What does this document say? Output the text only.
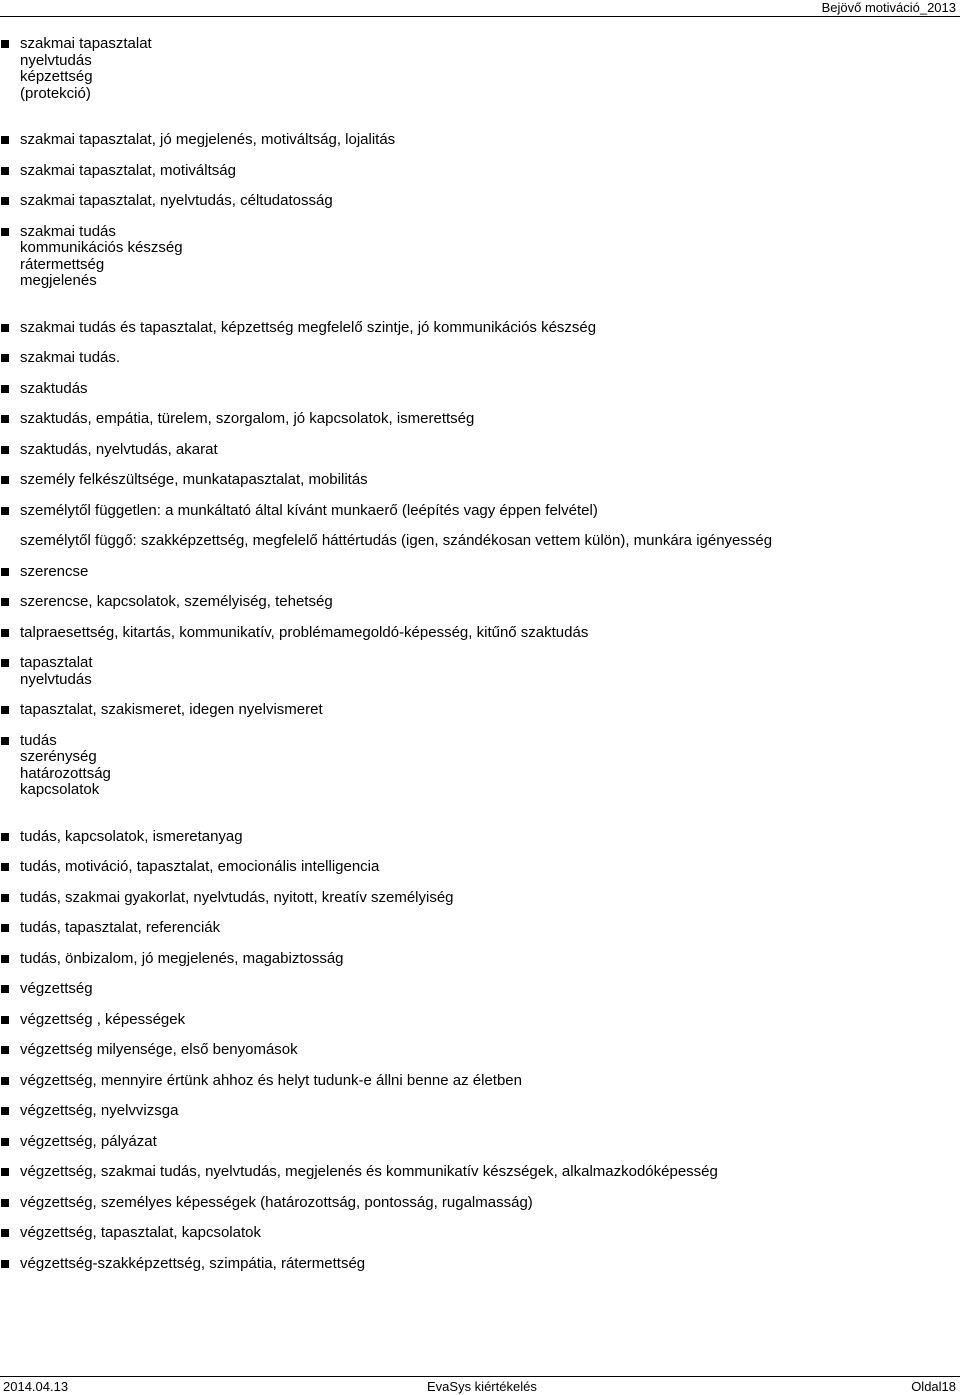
Bejövő motiváció_2013
szakmai tapasztalat
nyelvtudás
képzettség
(protekció)
szakmai tapasztalat, jó megjelenés, motiváltság, lojalitás
szakmai tapasztalat, motiváltság
szakmai tapasztalat, nyelvtudás, céltudatosság
szakmai tudás
kommunikációs készség
rátermettség
megjelenés
szakmai tudás és tapasztalat, képzettség megfelelő szintje, jó kommunikációs készség
szakmai tudás.
szaktudás
szaktudás, empátia, türelem, szorgalom, jó kapcsolatok, ismerettség
szaktudás, nyelvtudás, akarat
személy felkészültsége, munkatapasztalat, mobilitás
személytől független: a munkáltató által kívánt munkaerő (leépítés vagy éppen felvétel)
személytől függő: szakképzettség, megfelelő háttértudás (igen, szándékosan vettem külön), munkára igényesség
szerencse
szerencse, kapcsolatok, személyiség, tehetség
talpraesettség, kitartás, kommunikatív, problémamegoldó-képesség, kitűnő szaktudás
tapasztalat
nyelvtudás
tapasztalat, szakismeret, idegen nyelvismeret
tudás
szerénység
határozottság
kapcsolatok
tudás, kapcsolatok, ismeretanyag
tudás, motiváció, tapasztalat, emocionális intelligencia
tudás, szakmai gyakorlat, nyelvtudás, nyitott, kreatív személyiség
tudás, tapasztalat, referenciák
tudás, önbizalom, jó megjelenés, magabiztosság
végzettség
végzettség , képességek
végzettség milyensége, első benyomások
végzettség, mennyire értünk ahhoz és helyt tudunk-e állni benne az életben
végzettség, nyelvvizsga
végzettség, pályázat
végzettség, szakmai tudás, nyelvtudás, megjelenés és kommunikatív készségek, alkalmazkodóképesség
végzettség, személyes képességek (határozottság, pontosság, rugalmasság)
végzettség, tapasztalat, kapcsolatok
végzettség-szakképzettség, szimpátia, rátermettség
2014.04.13	EvaSys kiértékelés	Oldal18
